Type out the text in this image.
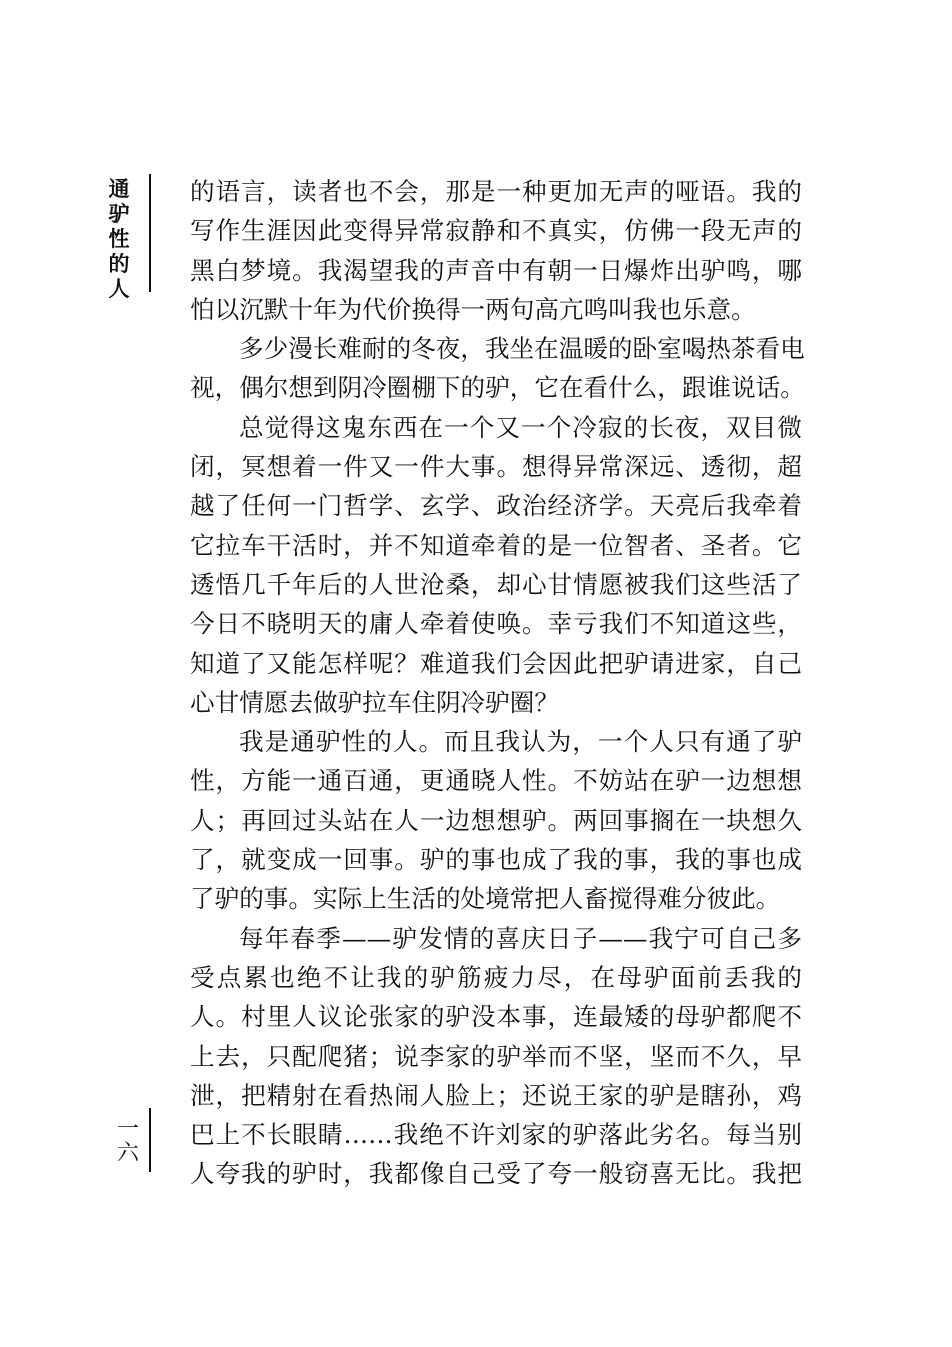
通驴性的人
的语言，读者也不会，那是一种更加无声的哑语。我的
写作生涯因此变得异常寂静和不真实，仿佛一段无声的
黑白梦境。我渴望我的声音中有朝一日爆炸出驴鸣，哪
怕以沉默十年为代价换得一两句高亢鸣叫我也乐意。
多少漫长难耐的冬夜，我坐在温暖的卧室喝热茶看电
视，偶尔想到阴冷圈棚下的驴，它在看什么，跟谁说话。
总觉得这鬼东西在一个又一个冷寂的长夜，双目微
闭，冥想着一件又一件大事。想得异常深远、透彻，超
越了任何一门哲学、玄学、政治经济学。天亮后我牵着
它拉车干活时，并不知道牵着的是一位智者、圣者。它
透悟几千年后的人世沧桑，却心甘情愿被我们这些活了
今日不晓明天的庸人牵着使唤。幸亏我们不知道这些，
知道了又能怎样呢？难道我们会因此把驴请进家，自己
心甘情愿去做驴拉车住阴冷驴圈？
我是通驴性的人。而且我认为，一个人只有通了驴
性，方能一通百通，更通晓人性。不妨站在驴一边想想
人；再回过头站在人一边想想驴。两回事搁在一块想久
了，就变成一回事。驴的事也成了我的事，我的事也成
了驴的事。实际上生活的处境常把人畜搅得难分彼此。
每年春季——驴发情的喜庆日子——我宁可自己多
受点累也绝不让我的驴筋疲力尽，在母驴面前丢我的
人。村里人议论张家的驴没本事，连最矮的母驴都爬不
上去，只配爬猪；说李家的驴举而不坚，坚而不久，早
泄，把精射在看热闹人脸上；还说王家的驴是瞎孙，鸡
巴上不长眼睛……我绝不许刘家的驴落此劣名。每当别
人夸我的驴时，我都像自己受了夸一般窃喜无比。我把
一六
